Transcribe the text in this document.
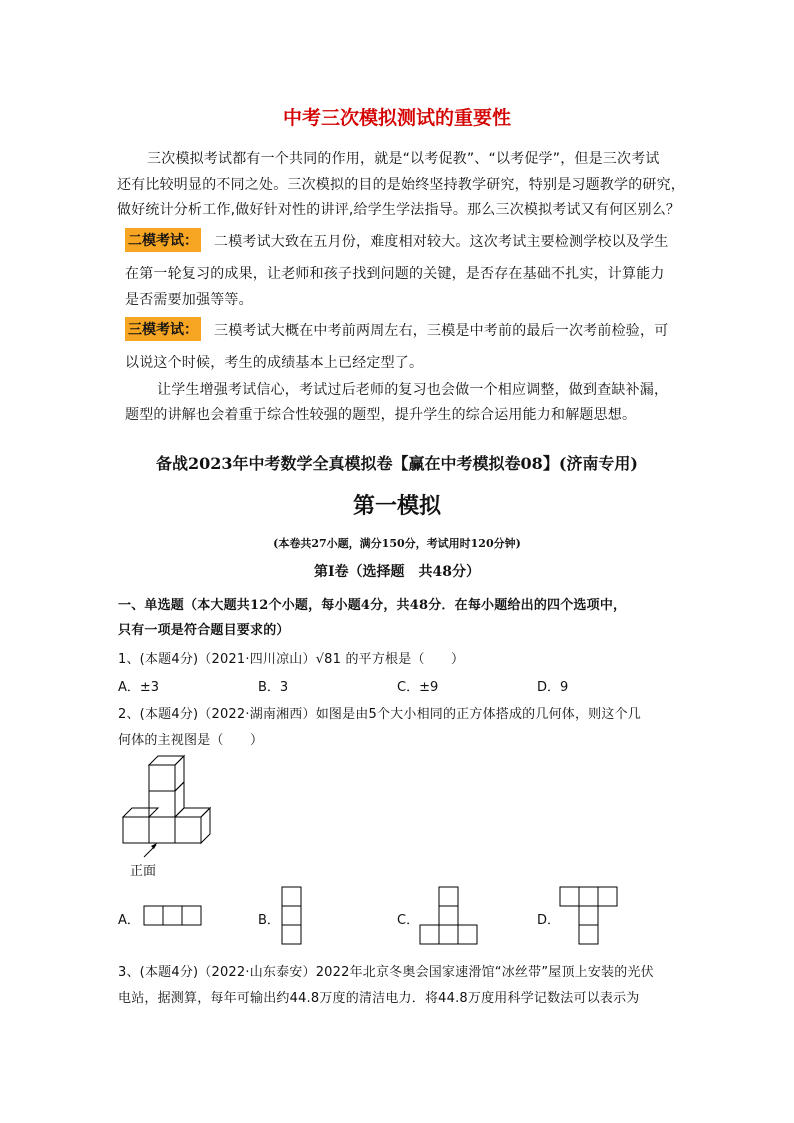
中考三次模拟测试的重要性
三次模拟考试都有一个共同的作用，就是“以考促教”、“以考促学”，但是三次考试
还有比较明显的不同之处。三次模拟的目的是始终坚持教学研究，特别是习题教学的研究，
做好统计分析工作,做好针对性的讲评,给学生学法指导。那么三次模拟考试又有何区别么？
二模考试： 二模考试大致在五月份，难度相对较大。这次考试主要检测学校以及学生
在第一轮复习的成果，让老师和孩子找到问题的关键，是否存在基础不扎实，计算能力
是否需要加强等等。
三模考试： 三模考试大概在中考前两周左右，三模是中考前的最后一次考前检验，可
以说这个时候，考生的成绩基本上已经定型了。
让学生增强考试信心，考试过后老师的复习也会做一个相应调整，做到查缺补漏，
题型的讲解也会着重于综合性较强的题型，提升学生的综合运用能力和解题思想。
备战2023年中考数学全真模拟卷【赢在中考模拟卷08】(济南专用)
第一模拟
(本卷共27小题，满分150分，考试用时120分钟)
第Ⅰ卷（选择题　共48分）
一、单选题（本大题共12个小题，每小题4分，共48分．在每小题给出的四个选项中，
只有一项是符合题目要求的）
1、(本题4分)（2021·四川凉山）√81 的平方根是（　　）
A．±3	B．3	C．±9	D．9
2、(本题4分)（2022·湖南湘西）如图是由5个大小相同的正方体搭成的几何体，则这个几
何体的主视图是（　　）
正面
A．	B．	C．	D．
3、(本题4分)（2022·山东泰安）2022年北京冬奥会国家速滑馆“冰丝带”屋顶上安装的光伏
电站，据测算，每年可输出约44.8万度的清洁电力．将44.8万度用科学记数法可以表示为
